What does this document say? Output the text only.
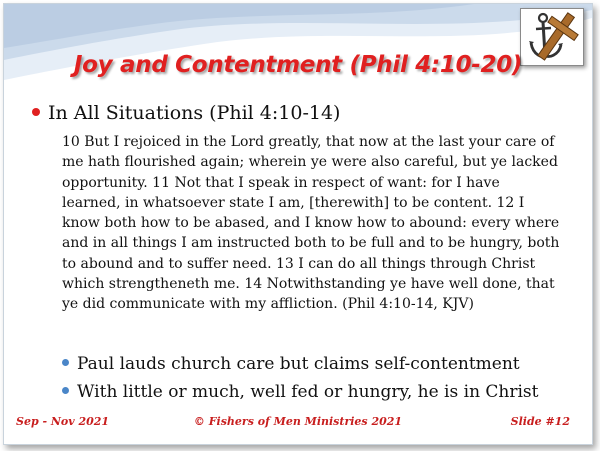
Joy and Contentment (Phil 4:10-20)
In All Situations (Phil 4:10-14)
10 But I rejoiced in the Lord greatly, that now at the last your care of me hath flourished again; wherein ye were also careful, but ye lacked opportunity. 11 Not that I speak in respect of want: for I have learned, in whatsoever state I am, [therewith] to be content. 12 I know both how to be abased, and I know how to abound: every where and in all things I am instructed both to be full and to be hungry, both to abound and to suffer need. 13 I can do all things through Christ which strengtheneth me. 14 Notwithstanding ye have well done, that ye did communicate with my affliction. (Phil 4:10-14, KJV)
Paul lauds church care but claims self-contentment
With little or much, well fed or hungry, he is in Christ
Sep - Nov 2021	© Fishers of Men Ministries 2021	Slide #12
